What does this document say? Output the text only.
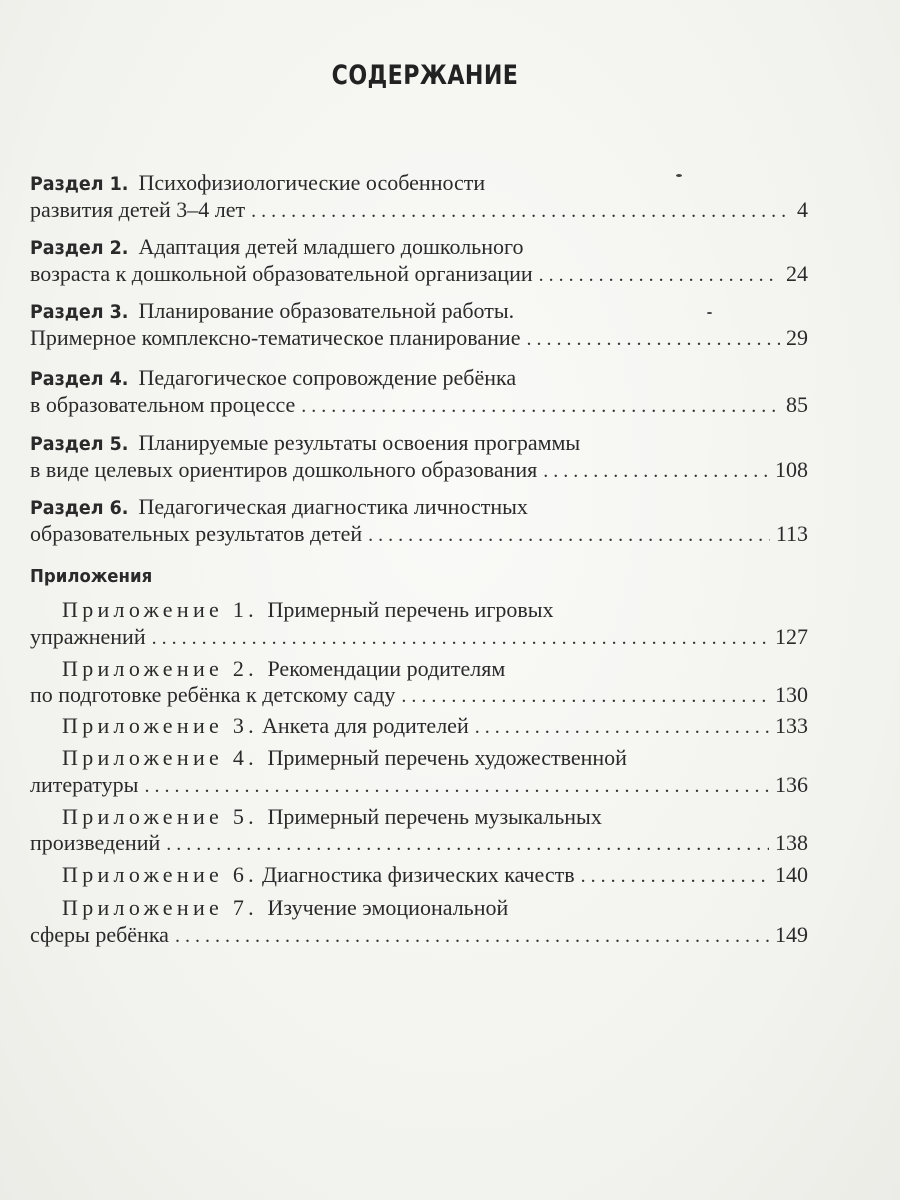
СОДЕРЖАНИЕ
Раздел 1. Психофизиологические особенности
развития детей 3–4 лет . . .	4
Раздел 2. Адаптация детей младшего дошкольного
возраста к дошкольной образовательной организации . . .	24
Раздел 3. Планирование образовательной работы.
Примерное комплексно-тематическое планирование . . .	29
Раздел 4. Педагогическое сопровождение ребёнка
в образовательном процессе . . .	85
Раздел 5. Планируемые результаты освоения программы
в виде целевых ориентиров дошкольного образования . . .	108
Раздел 6. Педагогическая диагностика личностных
образовательных результатов детей . . .	113
Приложения
Приложение 1. Примерный перечень игровых
упражнений . . .	127
Приложение 2. Рекомендации родителям
по подготовке ребёнка к детскому саду . . .	130
Приложение 3. Анкета для родителей . . .	133
Приложение 4. Примерный перечень художественной
литературы . . .	136
Приложение 5. Примерный перечень музыкальных
произведений . . .	138
Приложение 6. Диагностика физических качеств . . .	140
Приложение 7. Изучение эмоциональной
сферы ребёнка . . .	149
